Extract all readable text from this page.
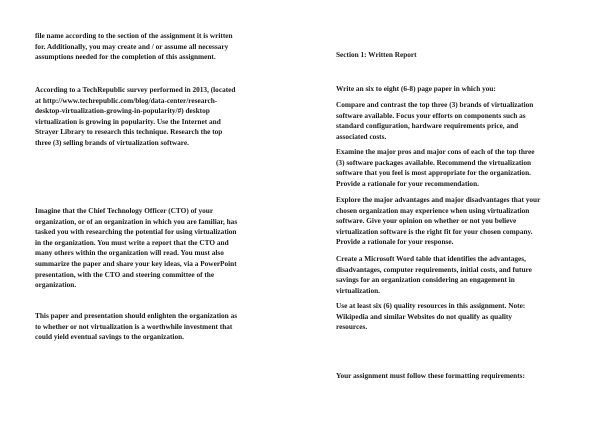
file name according to the section of the assignment it is written
for. Additionally, you may create and / or assume all necessary
assumptions needed for the completion of this assignment.

According to a TechRepublic survey performed in 2013, (located
at http://www.techrepublic.com/blog/data-center/research-
desktop-virtualization-growing-in-popularity/#) desktop
virtualization is growing in popularity. Use the Internet and
Strayer Library to research this technique. Research the top
three (3) selling brands of virtualization software.

Imagine that the Chief Technology Officer (CTO) of your
organization, or of an organization in which you are familiar, has
tasked you with researching the potential for using virtualization
in the organization. You must write a report that the CTO and
many others within the organization will read. You must also
summarize the paper and share your key ideas, via a PowerPoint
presentation, with the CTO and steering committee of the
organization.

This paper and presentation should enlighten the organization as
to whether or not virtualization is a worthwhile investment that
could yield eventual savings to the organization.

Section 1: Written Report

Write an six to eight (6-8) page paper in which you:

Compare and contrast the top three (3) brands of virtualization
software available. Focus your efforts on components such as
standard configuration, hardware requirements price, and
associated costs.

Examine the major pros and major cons of each of the top three
(3) software packages available. Recommend the virtualization
software that you feel is most appropriate for the organization.
Provide a rationale for your recommendation.

Explore the major advantages and major disadvantages that your
chosen organization may experience when using virtualization
software. Give your opinion on whether or not you believe
virtualization software is the right fit for your chosen company.
Provide a rationale for your response.

Create a Microsoft Word table that identifies the advantages,
disadvantages, computer requirements, initial costs, and future
savings for an organization considering an engagement in
virtualization.

Use at least six (6) quality resources in this assignment. Note:
Wikipedia and similar Websites do not qualify as quality
resources.

Your assignment must follow these formatting requirements:
